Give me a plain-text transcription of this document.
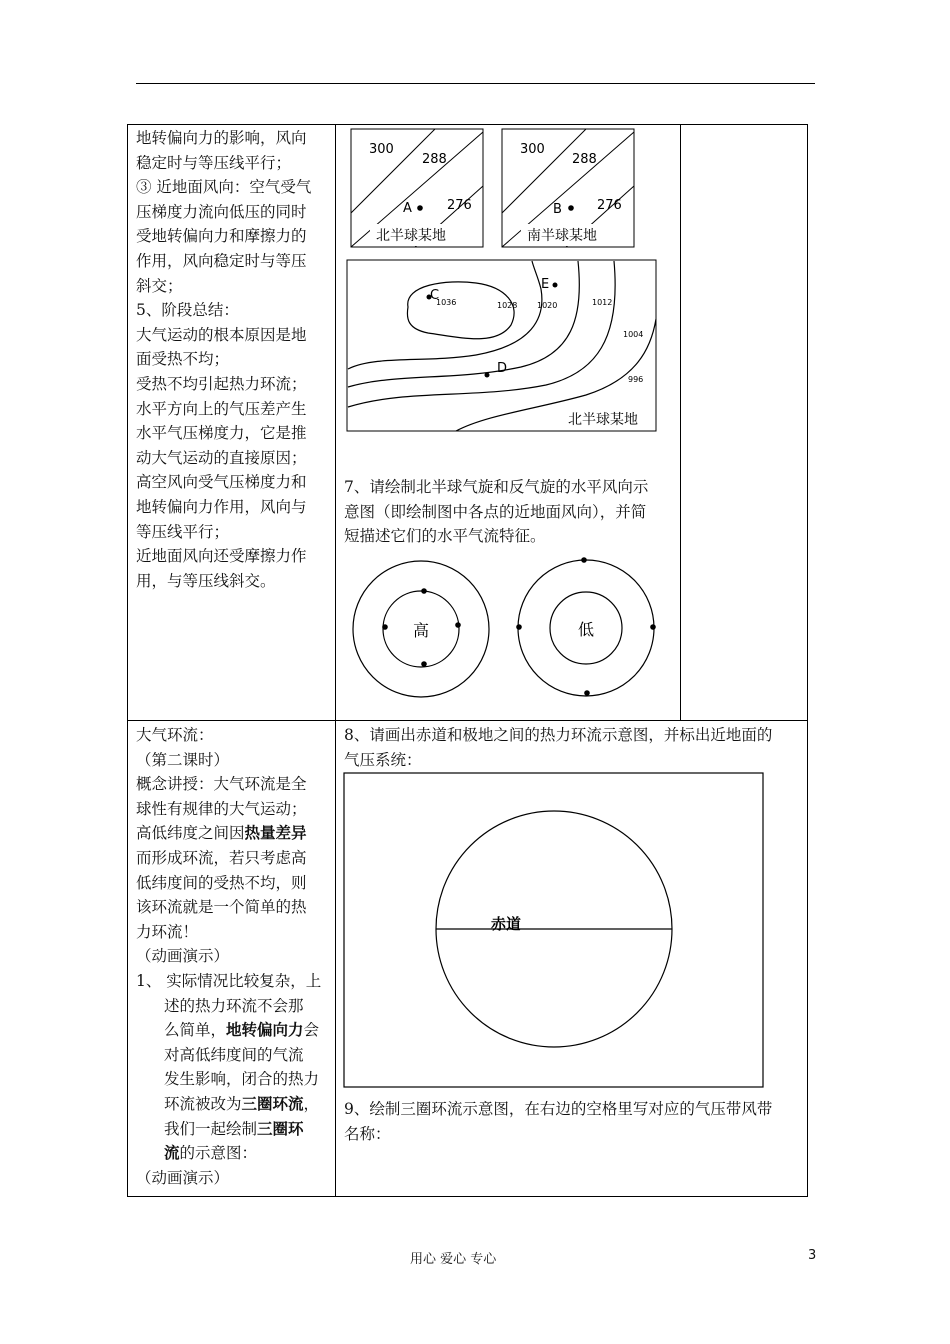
地转偏向力的影响，风向

稳定时与等压线平行；

③ 近地面风向：空气受气

压梯度力流向低压的同时

受地转偏向力和摩擦力的

作用，风向稳定时与等压

斜交；

5、阶段总结：

大气运动的根本原因是地

面受热不均；

受热不均引起热力环流；

水平方向上的气压差产生

水平气压梯度力，它是推

动大气运动的直接原因；

高空风向受气压梯度力和

地转偏向力作用，风向与

等压线平行；

近地面风向还受摩擦力作

用，与等压线斜交。

300
288
276
A
北半球某地
300
288
276
B
南半球某地
C
D
E
1036	1028 1020	1012
1004
996
北半球某地

7、请绘制北半球气旋和反气旋的水平风向示

意图（即绘制图中各点的近地面风向），并简

短描述它们的水平气流特征。

高	低

大气环流：

（第二课时）

概念讲授：大气环流是全

球性有规律的大气运动；

高低纬度之间因热量差异

而形成环流，若只考虑高

低纬度间的受热不均，则

该环流就是一个简单的热

力环流！

（动画演示）

1、 实际情况比较复杂，上

述的热力环流不会那

么简单，地转偏向力会

对高低纬度间的气流

发生影响，闭合的热力

环流被改为三圈环流，

我们一起绘制三圈环

流的示意图：

（动画演示）

8、请画出赤道和极地之间的热力环流示意图，并标出近地面的

气压系统：

赤道

9、绘制三圈环流示意图，在右边的空格里写对应的气压带风带

名称：

用心 爱心 专心	3
